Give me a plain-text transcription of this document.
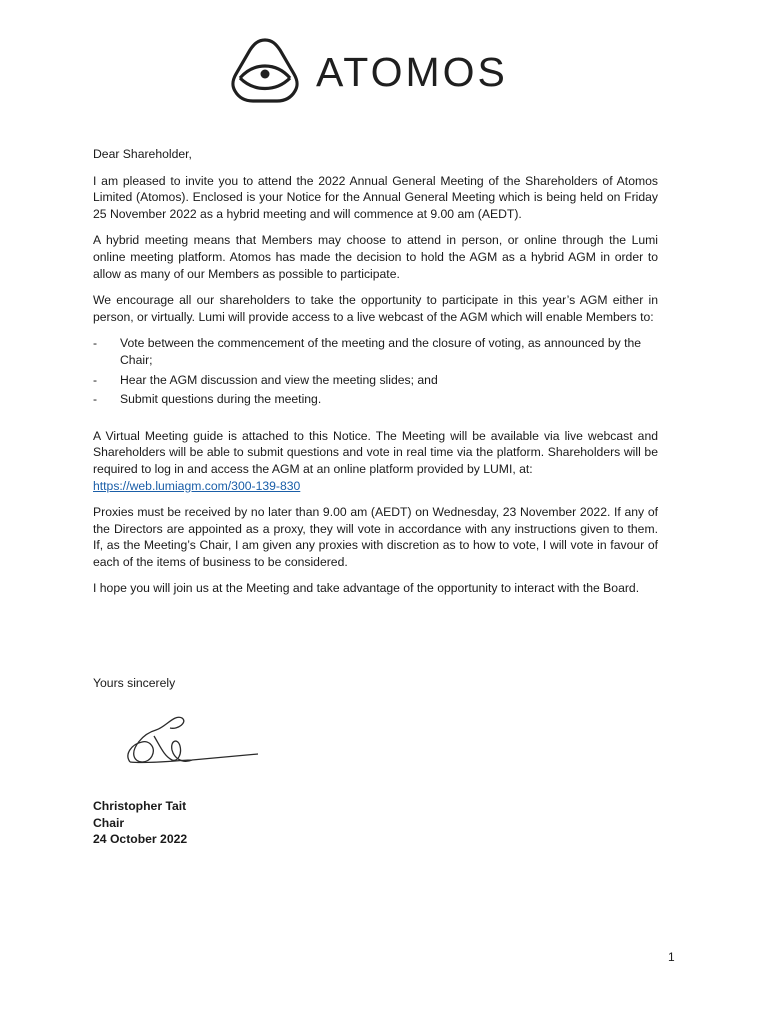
ATOMOS

Dear Shareholder,

I am pleased to invite you to attend the 2022 Annual General Meeting of the Shareholders of Atomos Limited (Atomos). Enclosed is your Notice for the Annual General Meeting which is being held on Friday 25 November 2022 as a hybrid meeting and will commence at 9.00 am (AEDT).

A hybrid meeting means that Members may choose to attend in person, or online through the Lumi online meeting platform. Atomos has made the decision to hold the AGM as a hybrid AGM in order to allow as many of our Members as possible to participate.

We encourage all our shareholders to take the opportunity to participate in this year’s AGM either in person, or virtually. Lumi will provide access to a live webcast of the AGM which will enable Members to:

- Vote between the commencement of the meeting and the closure of voting, as announced by the Chair;
- Hear the AGM discussion and view the meeting slides; and
- Submit questions during the meeting.

A Virtual Meeting guide is attached to this Notice. The Meeting will be available via live webcast and Shareholders will be able to submit questions and vote in real time via the platform. Shareholders will be required to log in and access the AGM at an online platform provided by LUMI, at:
https://web.lumiagm.com/300-139-830

Proxies must be received by no later than 9.00 am (AEDT) on Wednesday, 23 November 2022. If any of the Directors are appointed as a proxy, they will vote in accordance with any instructions given to them. If, as the Meeting’s Chair, I am given any proxies with discretion as to how to vote, I will vote in favour of each of the items of business to be considered.

I hope you will join us at the Meeting and take advantage of the opportunity to interact with the Board.

Yours sincerely
Christopher Tait
Chair
24 October 2022
1
